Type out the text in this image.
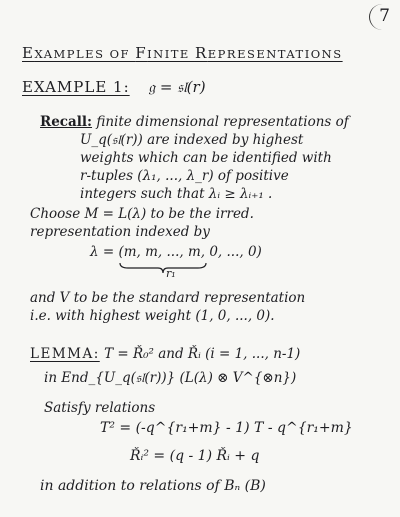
7
EXAMPLES OF FINITE REPRESENTATIONS
EXAMPLE 1: 𝔤 = 𝔰𝔩(r)
Recall: finite dimensional representations of
U_q(𝔰𝔩(r)) are indexed by highest
weights which can be identified with
r-tuples (λ₁, ..., λ_r) of positive
integers such that λᵢ ≥ λᵢ₊₁ .
Choose M = L(λ) to be the irred.
representation indexed by
λ = (m, m, ..., m, 0, ..., 0)
r₁
and V to be the standard representation
i.e. with highest weight (1, 0, ..., 0).
LEMMA: T = Ř₀² and Řᵢ (i = 1, ..., n-1)
in End_{U_q(𝔰𝔩(r))} (L(λ) ⊗ V^{⊗n})
Satisfy relations
T² = (-q^{r₁+m} - 1) T - q^{r₁+m}
Řᵢ² = (q - 1) Řᵢ + q
in addition to relations of Bₙ (B)
